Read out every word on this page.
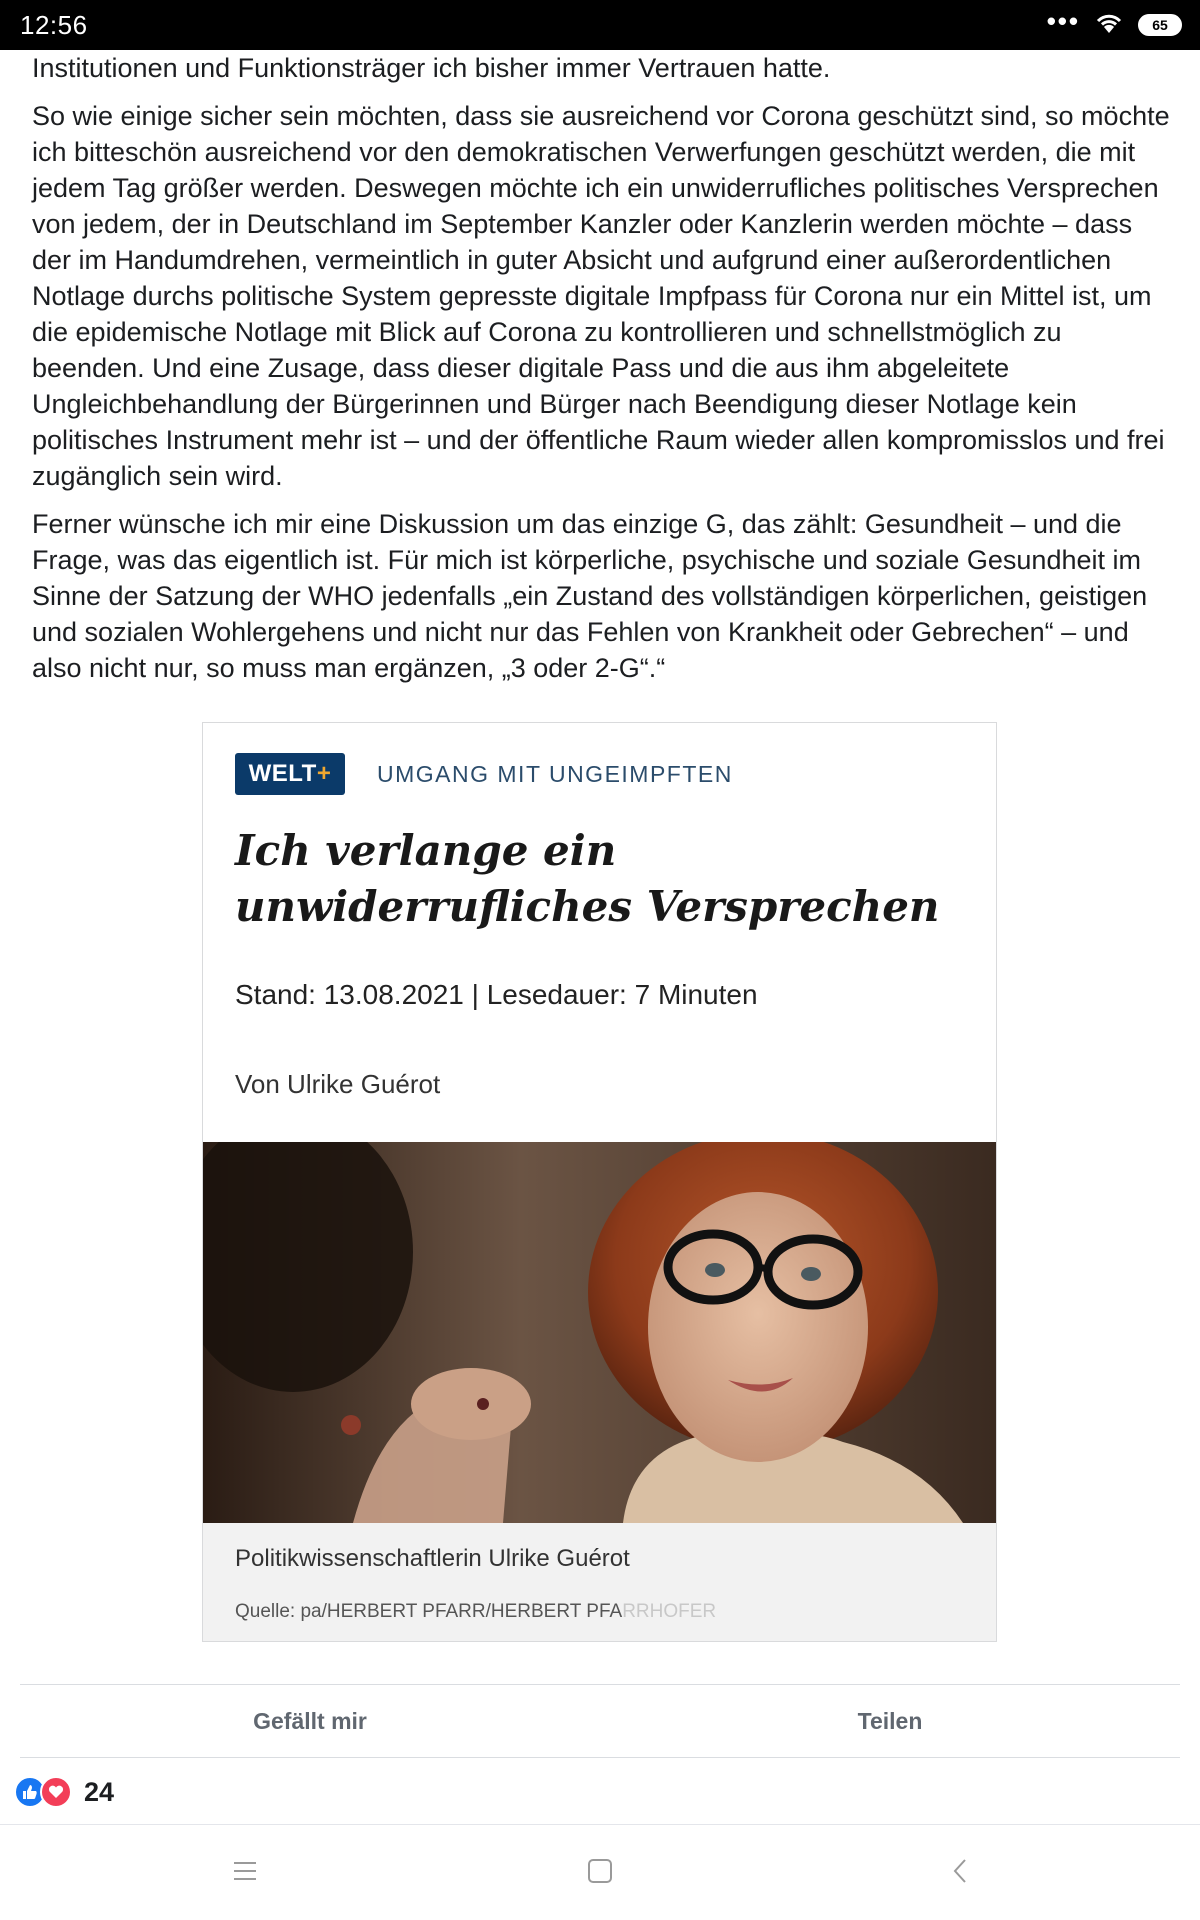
12:56	•••	65

Institutionen und Funktionsträger ich bisher immer Vertrauen hatte.

So wie einige sicher sein möchten, dass sie ausreichend vor Corona geschützt sind, so möchte ich bitteschön ausreichend vor den demokratischen Verwerfungen geschützt werden, die mit jedem Tag größer werden. Deswegen möchte ich ein unwiderrufliches politisches Versprechen von jedem, der in Deutschland im September Kanzler oder Kanzlerin werden möchte – dass der im Handumdrehen, vermeintlich in guter Absicht und aufgrund einer außerordentlichen Notlage durchs politische System gepresste digitale Impfpass für Corona nur ein Mittel ist, um die epidemische Notlage mit Blick auf Corona zu kontrollieren und schnellstmöglich zu beenden. Und eine Zusage, dass dieser digitale Pass und die aus ihm abgeleitete Ungleichbehandlung der Bürgerinnen und Bürger nach Beendigung dieser Notlage kein politisches Instrument mehr ist – und der öffentliche Raum wieder allen kompromisslos und frei zugänglich sein wird.

Ferner wünsche ich mir eine Diskussion um das einzige G, das zählt: Gesundheit – und die Frage, was das eigentlich ist. Für mich ist körperliche, psychische und soziale Gesundheit im Sinne der Satzung der WHO jedenfalls „ein Zustand des vollständigen körperlichen, geistigen und sozialen Wohlergehens und nicht nur das Fehlen von Krankheit oder Gebrechen“ – und also nicht nur, so muss man ergänzen, „3 oder 2-G“.“

WELT + UMGANG MIT UNGEIMPFTEN
Ich verlange ein unwiderrufliches Versprechen
Stand: 13.08.2021 | Lesedauer: 7 Minuten
Von Ulrike Guérot
Politikwissenschaftlerin Ulrike Guérot
Quelle: pa/HERBERT PFARR/HERBERT PFARRHOFER
Gefällt mir	Teilen
24
